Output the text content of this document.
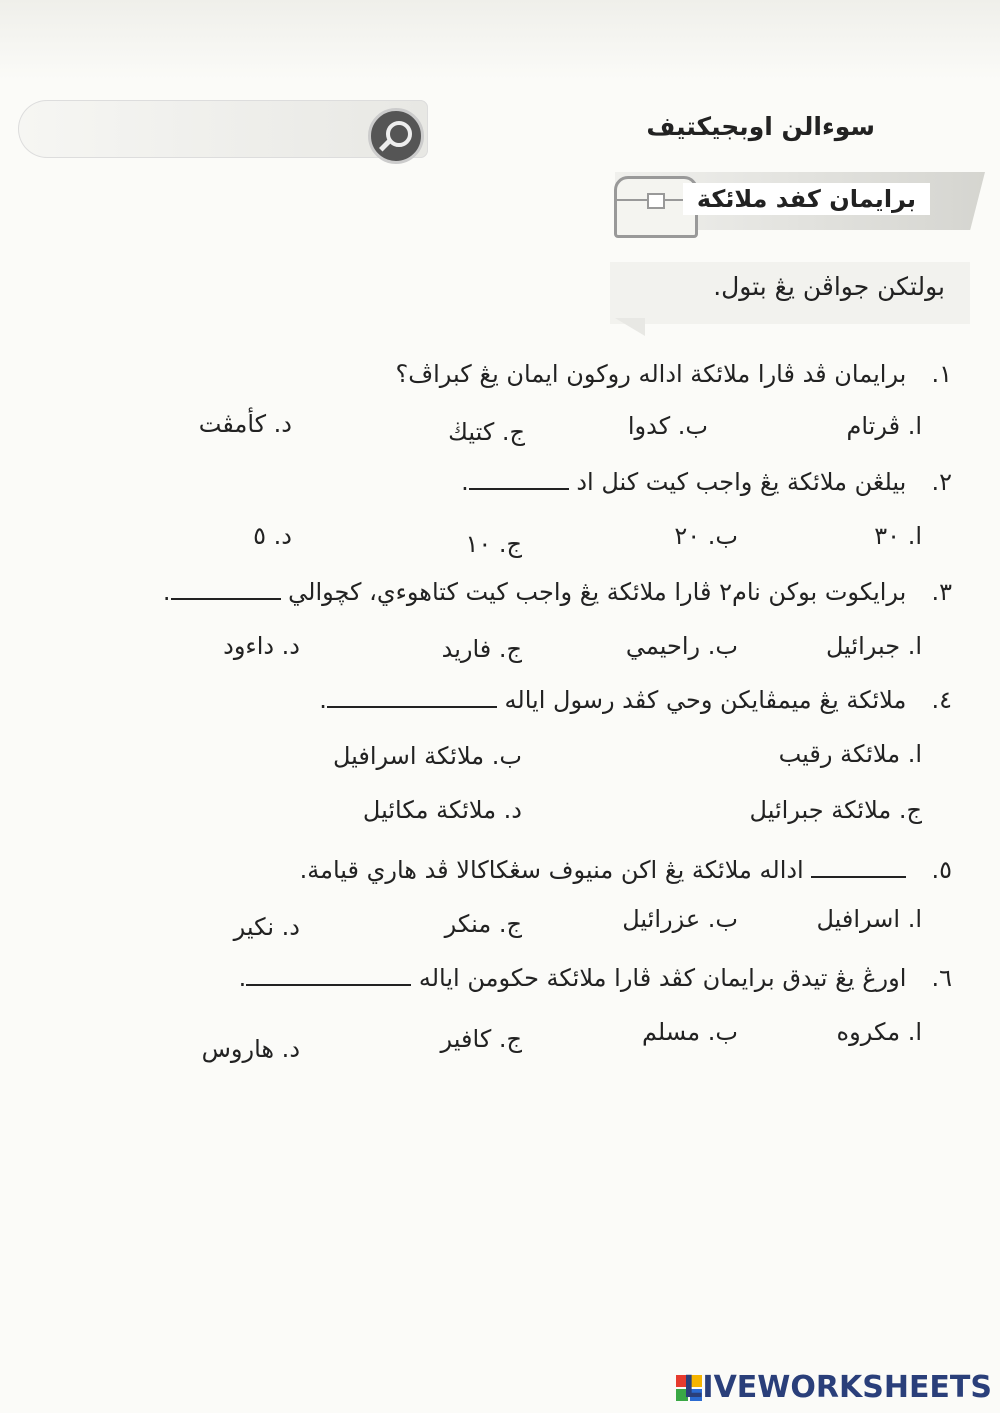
سوءالن اوبجيكتيف
برايمان كفد ملائكة
بولتكن جواڤن يڠ بتول.
١. برايمان ڤد ڤارا ملائكة اداله روكون ايمان يڠ كبراڤ؟
ا. ڤرتام
ب. كدوا
ج. كتيڬ
د. كأمڤت
٢. بيلڠن ملائكة يڠ واجب كيت كنل اد .
ا. ٣٠
ب. ٢٠
ج. ١٠
د. ٥
٣. برايكوت بوكن نام٢ ڤارا ملائكة يڠ واجب كيت كتاهوءي، كچوالي .
ا. جبرائيل
ب. راحيمي
ج. فاريد
د. داءود
٤. ملائكة يڠ ميمڤايكن وحي كڤد رسول اياله .
ا. ملائكة رقيب
ب. ملائكة اسرافيل
ج. ملائكة جبرائيل
د. ملائكة مكائيل
٥.  اداله ملائكة يڠ اكن منيوف سڠكاكالا ڤد هاري قيامة.
ا. اسرافيل
ب. عزرائيل
ج. منكر
د. نكير
٦. اورڠ يڠ تيدق برايمان كڤد ڤارا ملائكة حكومن اياله .
ا. مكروه
ب. مسلم
ج. كافير
د. هاروس
LIVEWORKSHEETS
